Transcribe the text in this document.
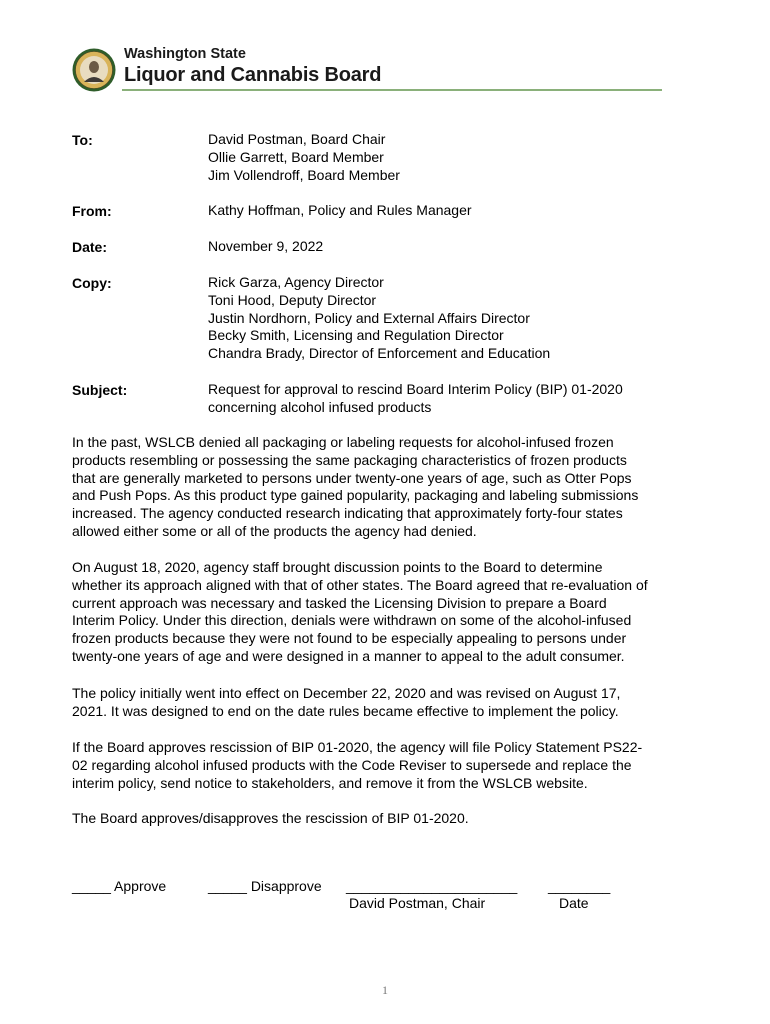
Washington State
Liquor and Cannabis Board
To:	David Postman, Board Chair
Ollie Garrett, Board Member
Jim Vollendroff, Board Member
From:	Kathy Hoffman, Policy and Rules Manager
Date:	November 9, 2022
Copy:	Rick Garza, Agency Director
Toni Hood, Deputy Director
Justin Nordhorn, Policy and External Affairs Director
Becky Smith, Licensing and Regulation Director
Chandra Brady, Director of Enforcement and Education
Subject:	Request for approval to rescind Board Interim Policy (BIP) 01-2020
concerning alcohol infused products
In the past, WSLCB denied all packaging or labeling requests for alcohol-infused frozen
products resembling or possessing the same packaging characteristics of frozen products
that are generally marketed to persons under twenty-one years of age, such as Otter Pops
and Push Pops. As this product type gained popularity, packaging and labeling submissions
increased. The agency conducted research indicating that approximately forty-four states
allowed either some or all of the products the agency had denied.
On August 18, 2020, agency staff brought discussion points to the Board to determine
whether its approach aligned with that of other states. The Board agreed that re-evaluation of
current approach was necessary and tasked the Licensing Division to prepare a Board
Interim Policy. Under this direction, denials were withdrawn on some of the alcohol-infused
frozen products because they were not found to be especially appealing to persons under
twenty-one years of age and were designed in a manner to appeal to the adult consumer.
The policy initially went into effect on December 22, 2020 and was revised on August 17,
2021. It was designed to end on the date rules became effective to implement the policy.
If the Board approves rescission of BIP 01-2020, the agency will file Policy Statement PS22-
02 regarding alcohol infused products with the Code Reviser to supersede and replace the
interim policy, send notice to stakeholders, and remove it from the WSLCB website.
The Board approves/disapproves the rescission of BIP 01-2020.
_____ Approve	_____ Disapprove ______________________ ________
David Postman, Chair	Date
1
